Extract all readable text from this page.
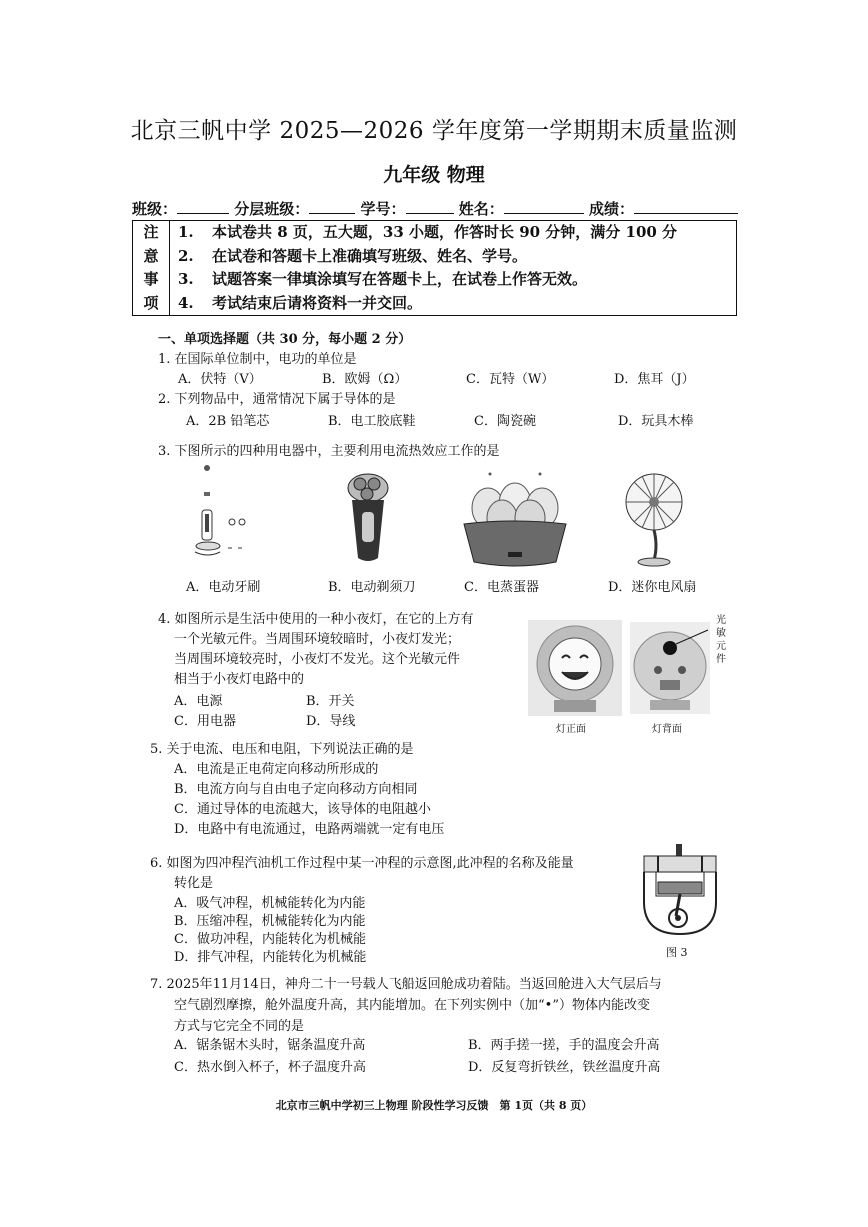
北京三帆中学 2025—2026 学年度第一学期期末质量监测
九年级 物理
班级：	分层班级：	学号：	姓名：	成绩：
注
意
事
项

1. 本试卷共 8 页，五大题，33 小题，作答时长 90 分钟，满分 100 分
2. 在试卷和答题卡上准确填写班级、姓名、学号。
3. 试题答案一律填涂填写在答题卡上，在试卷上作答无效。
4. 考试结束后请将资料一并交回。
一、单项选择题（共 30 分，每小题 2 分）
1. 在国际单位制中，电功的单位是
A．伏特（V）	B．欧姆（Ω）	C．瓦特（W）	D．焦耳（J）
2. 下列物品中，通常情况下属于导体的是
A．2B 铅笔芯	B．电工胶底鞋	C．陶瓷碗	D．玩具木棒
3. 下图所示的四种用电器中，主要利用电流热效应工作的是
A．电动牙刷	B．电动剃须刀	C．电蒸蛋器	D．迷你电风扇
4. 如图所示是生活中使用的一种小夜灯，在它的上方有
一个光敏元件。当周围环境较暗时，小夜灯发光；
当周围环境较亮时，小夜灯不发光。这个光敏元件
相当于小夜灯电路中的
A．电源	B．开关
C．用电器	D．导线
光
敏
元
件
灯正面	灯背面
5. 关于电流、电压和电阻，下列说法正确的是
A．电流是正电荷定向移动所形成的
B．电流方向与自由电子定向移动方向相同
C．通过导体的电流越大，该导体的电阻越小
D．电路中有电流通过，电路两端就一定有电压
6. 如图为四冲程汽油机工作过程中某一冲程的示意图,此冲程的名称及能量
转化是
A．吸气冲程，机械能转化为内能
B．压缩冲程，机械能转化为内能
C．做功冲程，内能转化为机械能
D．排气冲程，内能转化为机械能	图 3
7. 2025年11月14日，神舟二十一号载人飞船返回舱成功着陆。当返回舱进入大气层后与
空气剧烈摩擦，舱外温度升高，其内能增加。在下列实例中（加“•”）物体内能改变
方式与它完全不同的是
A．锯条锯木头时，锯条温度升高	B．两手搓一搓，手的温度会升高
C．热水倒入杯子，杯子温度升高	D．反复弯折铁丝，铁丝温度升高
北京市三帆中学初三上物理 阶段性学习反馈　第 1页（共 8 页）
